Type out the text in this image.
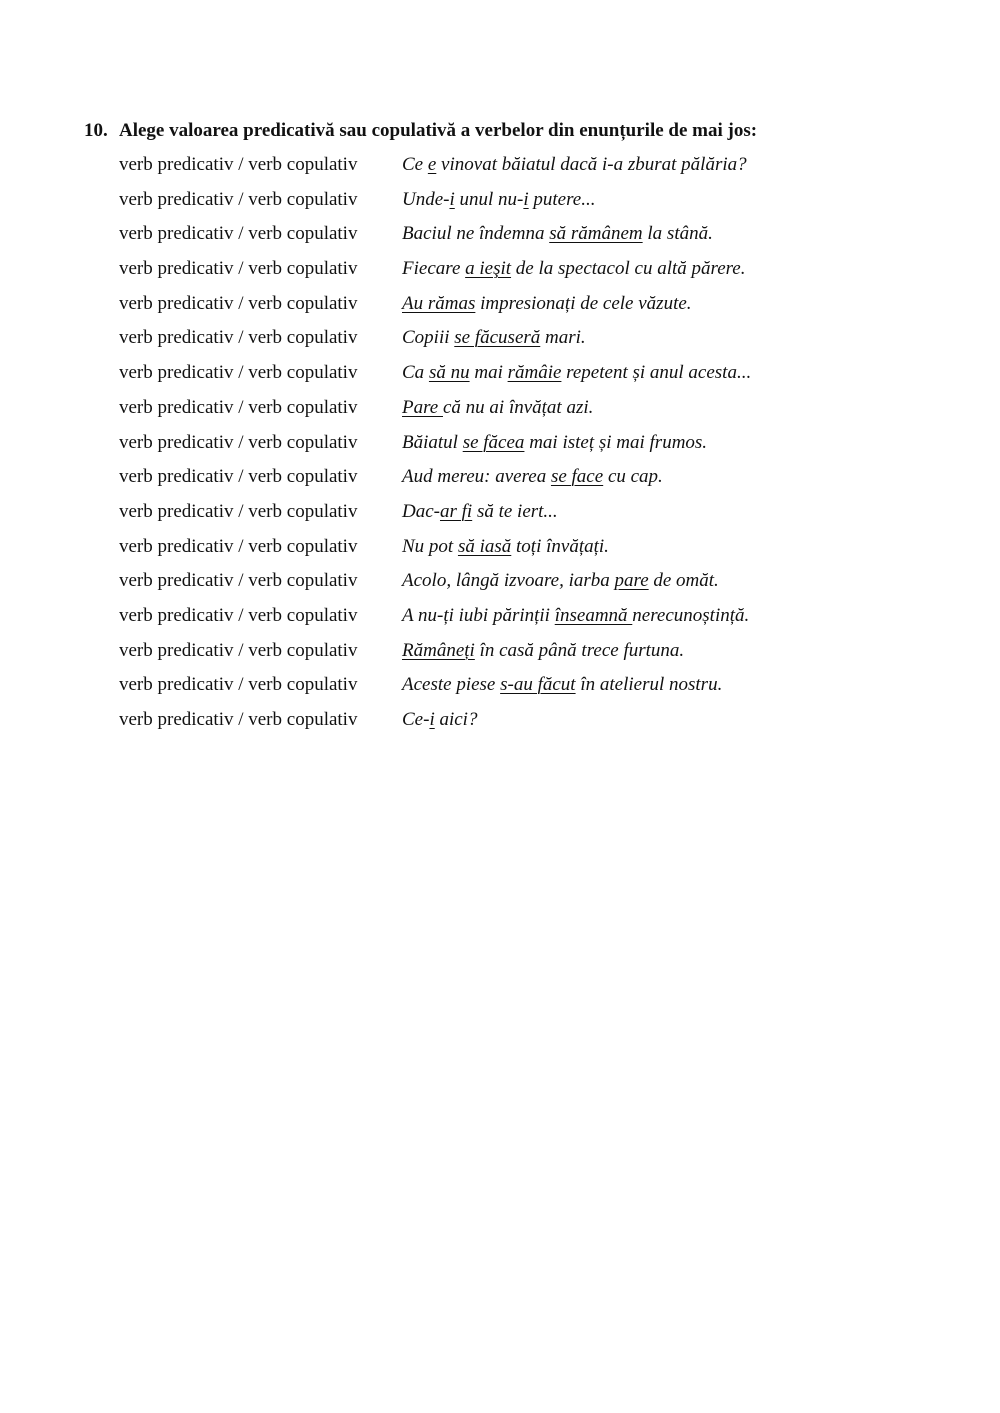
10. Alege valoarea predicativă sau copulativă a verbelor din enunțurile de mai jos:
verb predicativ / verb copulativ	Ce e vinovat băiatul dacă i-a zburat pălăria?
verb predicativ / verb copulativ	Unde-i unul nu-i putere...
verb predicativ / verb copulativ	Baciul ne îndemna să rămânem la stână.
verb predicativ / verb copulativ	Fiecare a ieşit de la spectacol cu altă părere.
verb predicativ / verb copulativ	Au rămas impresionați de cele văzute.
verb predicativ / verb copulativ	Copiii se făcuseră mari.
verb predicativ / verb copulativ	Ca să nu mai rămâie repetent și anul acesta...
verb predicativ / verb copulativ	Pare că nu ai învățat azi.
verb predicativ / verb copulativ	Băiatul se făcea mai isteț și mai frumos.
verb predicativ / verb copulativ	Aud mereu: averea se face cu cap.
verb predicativ / verb copulativ	Dac-ar fi să te iert...
verb predicativ / verb copulativ	Nu pot să iasă toți învățați.
verb predicativ / verb copulativ	Acolo, lângă izvoare, iarba pare de omăt.
verb predicativ / verb copulativ	A nu-ți iubi părinții înseamnă nerecunoștință.
verb predicativ / verb copulativ	Rămâneți în casă până trece furtuna.
verb predicativ / verb copulativ	Aceste piese s-au făcut în atelierul nostru.
verb predicativ / verb copulativ	Ce-i aici?
